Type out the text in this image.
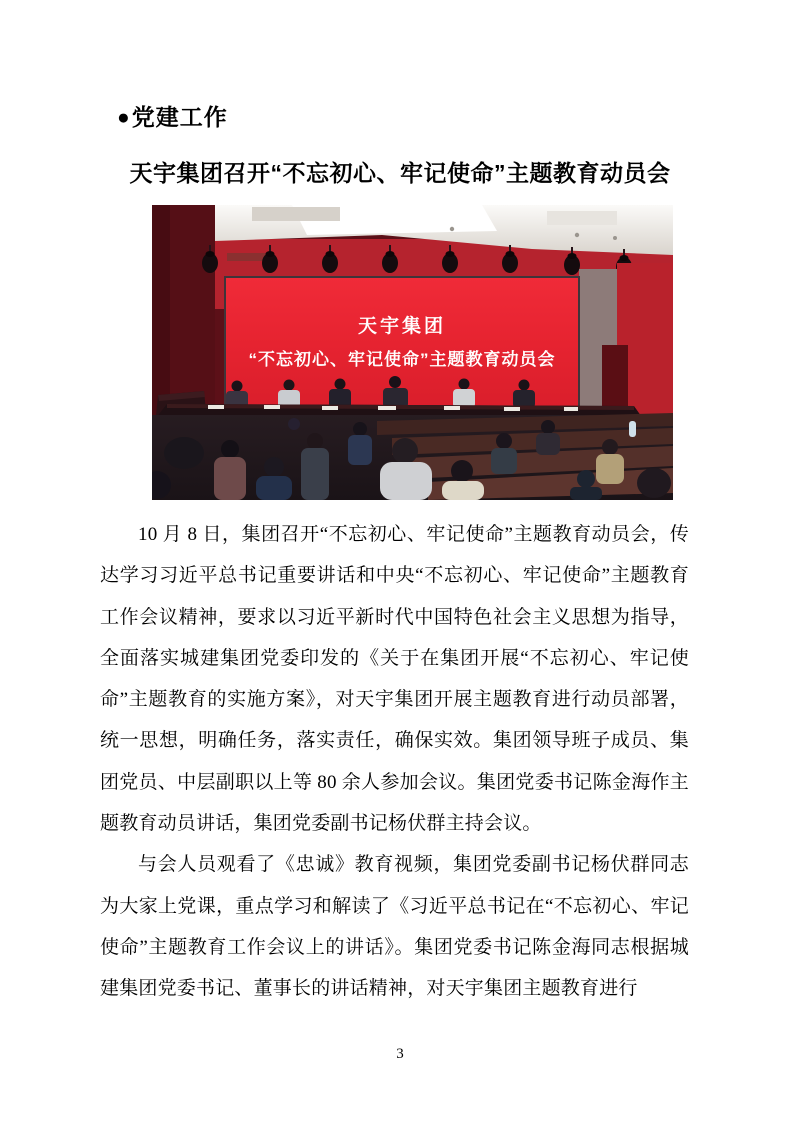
●党建工作
天宇集团召开“不忘初心、牢记使命”主题教育动员会
天宇集团
“不忘初心、牢记使命”主题教育动员会

10 月 8 日，集团召开“不忘初心、牢记使命”主题教育动员会，传达学习习近平总书记重要讲话和中央“不忘初心、牢记使命”主题教育工作会议精神，要求以习近平新时代中国特色社会主义思想为指导，全面落实城建集团党委印发的《关于在集团开展“不忘初心、牢记使命”主题教育的实施方案》，对天宇集团开展主题教育进行动员部署，统一思想，明确任务，落实责任，确保实效。集团领导班子成员、集团党员、中层副职以上等 80 余人参加会议。集团党委书记陈金海作主题教育动员讲话，集团党委副书记杨伏群主持会议。

与会人员观看了《忠诚》教育视频，集团党委副书记杨伏群同志为大家上党课，重点学习和解读了《习近平总书记在“不忘初心、牢记使命”主题教育工作会议上的讲话》。集团党委书记陈金海同志根据城建集团党委书记、董事长的讲话精神，对天宇集团主题教育进行

3
